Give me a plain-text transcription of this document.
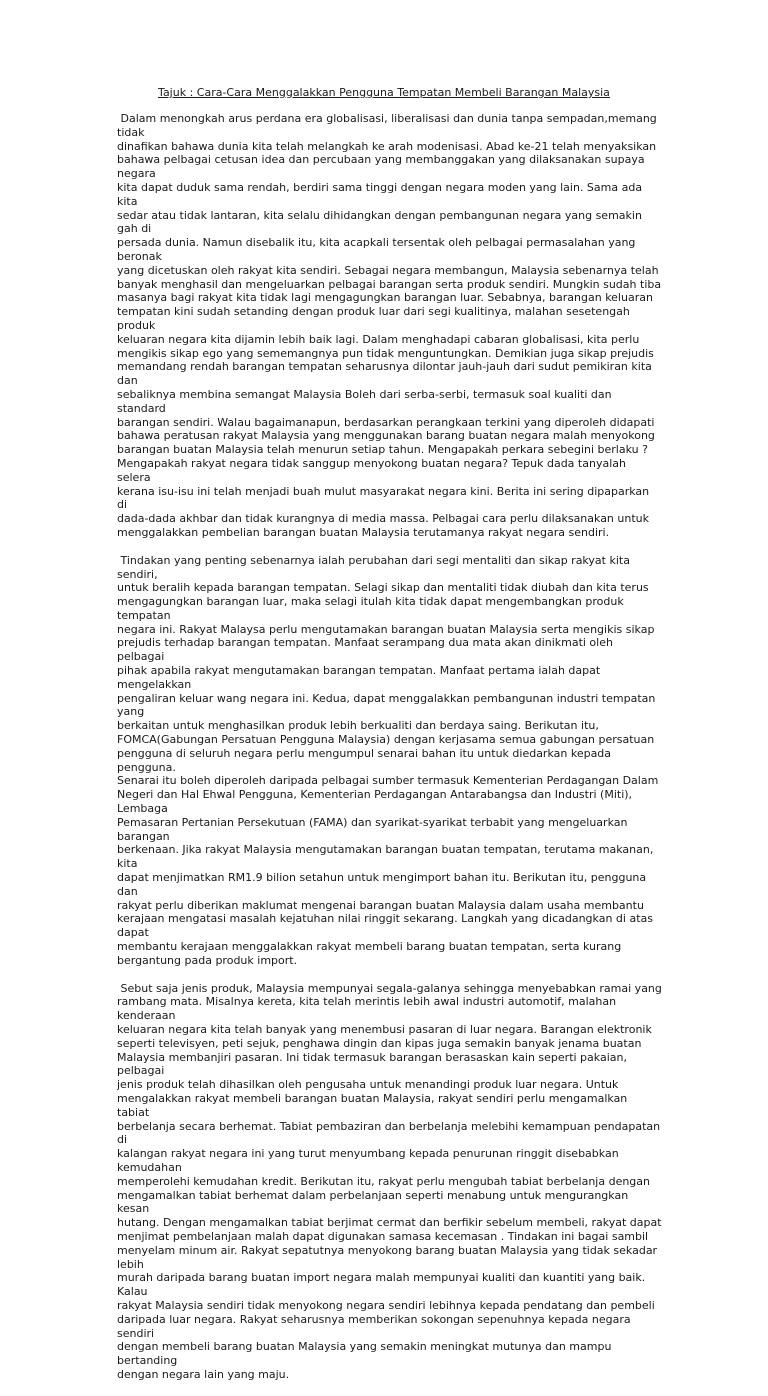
Tajuk : Cara-Cara Menggalakkan Pengguna Tempatan Membeli Barangan Malaysia

Dalam menongkah arus perdana era globalisasi, liberalisasi dan dunia tanpa sempadan,memang tidak
dinafikan bahawa dunia kita telah melangkah ke arah modenisasi. Abad ke-21 telah menyaksikan
bahawa pelbagai cetusan idea dan percubaan yang membanggakan yang dilaksanakan supaya negara
kita dapat duduk sama rendah, berdiri sama tinggi dengan negara moden yang lain. Sama ada kita
sedar atau tidak lantaran, kita selalu dihidangkan dengan pembangunan negara yang semakin gah di
persada dunia. Namun disebalik itu, kita acapkali tersentak oleh pelbagai permasalahan yang beronak
yang dicetuskan oleh rakyat kita sendiri. Sebagai negara membangun, Malaysia sebenarnya telah
banyak menghasil dan mengeluarkan pelbagai barangan serta produk sendiri. Mungkin sudah tiba
masanya bagi rakyat kita tidak lagi mengagungkan barangan luar. Sebabnya, barangan keluaran
tempatan kini sudah setanding dengan produk luar dari segi kualitinya, malahan sesetengah produk
keluaran negara kita dijamin lebih baik lagi. Dalam menghadapi cabaran globalisasi, kita perlu
mengikis sikap ego yang sememangnya pun tidak menguntungkan. Demikian juga sikap prejudis
memandang rendah barangan tempatan seharusnya dilontar jauh-jauh dari sudut pemikiran kita dan
sebaliknya membina semangat Malaysia Boleh dari serba-serbi, termasuk soal kualiti dan standard
barangan sendiri. Walau bagaimanapun, berdasarkan perangkaan terkini yang diperoleh didapati
bahawa peratusan rakyat Malaysia yang menggunakan barang buatan negara malah menyokong
barangan buatan Malaysia telah menurun setiap tahun. Mengapakah perkara sebegini berlaku ?
Mengapakah rakyat negara tidak sanggup menyokong buatan negara? Tepuk dada tanyalah selera
kerana isu-isu ini telah menjadi buah mulut masyarakat negara kini. Berita ini sering dipaparkan di
dada-dada akhbar dan tidak kurangnya di media massa. Pelbagai cara perlu dilaksanakan untuk
menggalakkan pembelian barangan buatan Malaysia terutamanya rakyat negara sendiri.

Tindakan yang penting sebenarnya ialah perubahan dari segi mentaliti dan sikap rakyat kita sendiri,
untuk beralih kepada barangan tempatan. Selagi sikap dan mentaliti tidak diubah dan kita terus
mengagungkan barangan luar, maka selagi itulah kita tidak dapat mengembangkan produk tempatan
negara ini. Rakyat Malaysa perlu mengutamakan barangan buatan Malaysia serta mengikis sikap
prejudis terhadap barangan tempatan. Manfaat serampang dua mata akan dinikmati oleh pelbagai
pihak apabila rakyat mengutamakan barangan tempatan. Manfaat pertama ialah dapat mengelakkan
pengaliran keluar wang negara ini. Kedua, dapat menggalakkan pembangunan industri tempatan yang
berkaitan untuk menghasilkan produk lebih berkualiti dan berdaya saing. Berikutan itu,
FOMCA(Gabungan Persatuan Pengguna Malaysia) dengan kerjasama semua gabungan persatuan
pengguna di seluruh negara perlu mengumpul senarai bahan itu untuk diedarkan kepada pengguna.
Senarai itu boleh diperoleh daripada pelbagai sumber termasuk Kementerian Perdagangan Dalam
Negeri dan Hal Ehwal Pengguna, Kementerian Perdagangan Antarabangsa dan Industri (Miti), Lembaga
Pemasaran Pertanian Persekutuan (FAMA) dan syarikat-syarikat terbabit yang mengeluarkan barangan
berkenaan. Jika rakyat Malaysia mengutamakan barangan buatan tempatan, terutama makanan, kita
dapat menjimatkan RM1.9 bilion setahun untuk mengimport bahan itu. Berikutan itu, pengguna dan
rakyat perlu diberikan maklumat mengenai barangan buatan Malaysia dalam usaha membantu
kerajaan mengatasi masalah kejatuhan nilai ringgit sekarang. Langkah yang dicadangkan di atas dapat
membantu kerajaan menggalakkan rakyat membeli barang buatan tempatan, serta kurang
bergantung pada produk import.

Sebut saja jenis produk, Malaysia mempunyai segala-galanya sehingga menyebabkan ramai yang
rambang mata. Misalnya kereta, kita telah merintis lebih awal industri automotif, malahan kenderaan
keluaran negara kita telah banyak yang menembusi pasaran di luar negara. Barangan elektronik
seperti televisyen, peti sejuk, penghawa dingin dan kipas juga semakin banyak jenama buatan
Malaysia membanjiri pasaran. Ini tidak termasuk barangan berasaskan kain seperti pakaian, pelbagai
jenis produk telah dihasilkan oleh pengusaha untuk menandingi produk luar negara. Untuk
mengalakkan rakyat membeli barangan buatan Malaysia, rakyat sendiri perlu mengamalkan tabiat
berbelanja secara berhemat. Tabiat pembaziran dan berbelanja melebihi kemampuan pendapatan di
kalangan rakyat negara ini yang turut menyumbang kepada penurunan ringgit disebabkan kemudahan
memperolehi kemudahan kredit. Berikutan itu, rakyat perlu mengubah tabiat berbelanja dengan
mengamalkan tabiat berhemat dalam perbelanjaan seperti menabung untuk mengurangkan kesan
hutang. Dengan mengamalkan tabiat berjimat cermat dan berfikir sebelum membeli, rakyat dapat
menjimat pembelanjaan malah dapat digunakan samasa kecemasan . Tindakan ini bagai sambil
menyelam minum air. Rakyat sepatutnya menyokong barang buatan Malaysia yang tidak sekadar lebih
murah daripada barang buatan import negara malah mempunyai kualiti dan kuantiti yang baik. Kalau
rakyat Malaysia sendiri tidak menyokong negara sendiri lebihnya kepada pendatang dan pembeli
daripada luar negara. Rakyat seharusnya memberikan sokongan sepenuhnya kepada negara sendiri
dengan membeli barang buatan Malaysia yang semakin meningkat mutunya dan mampu bertanding
dengan negara lain yang maju.
